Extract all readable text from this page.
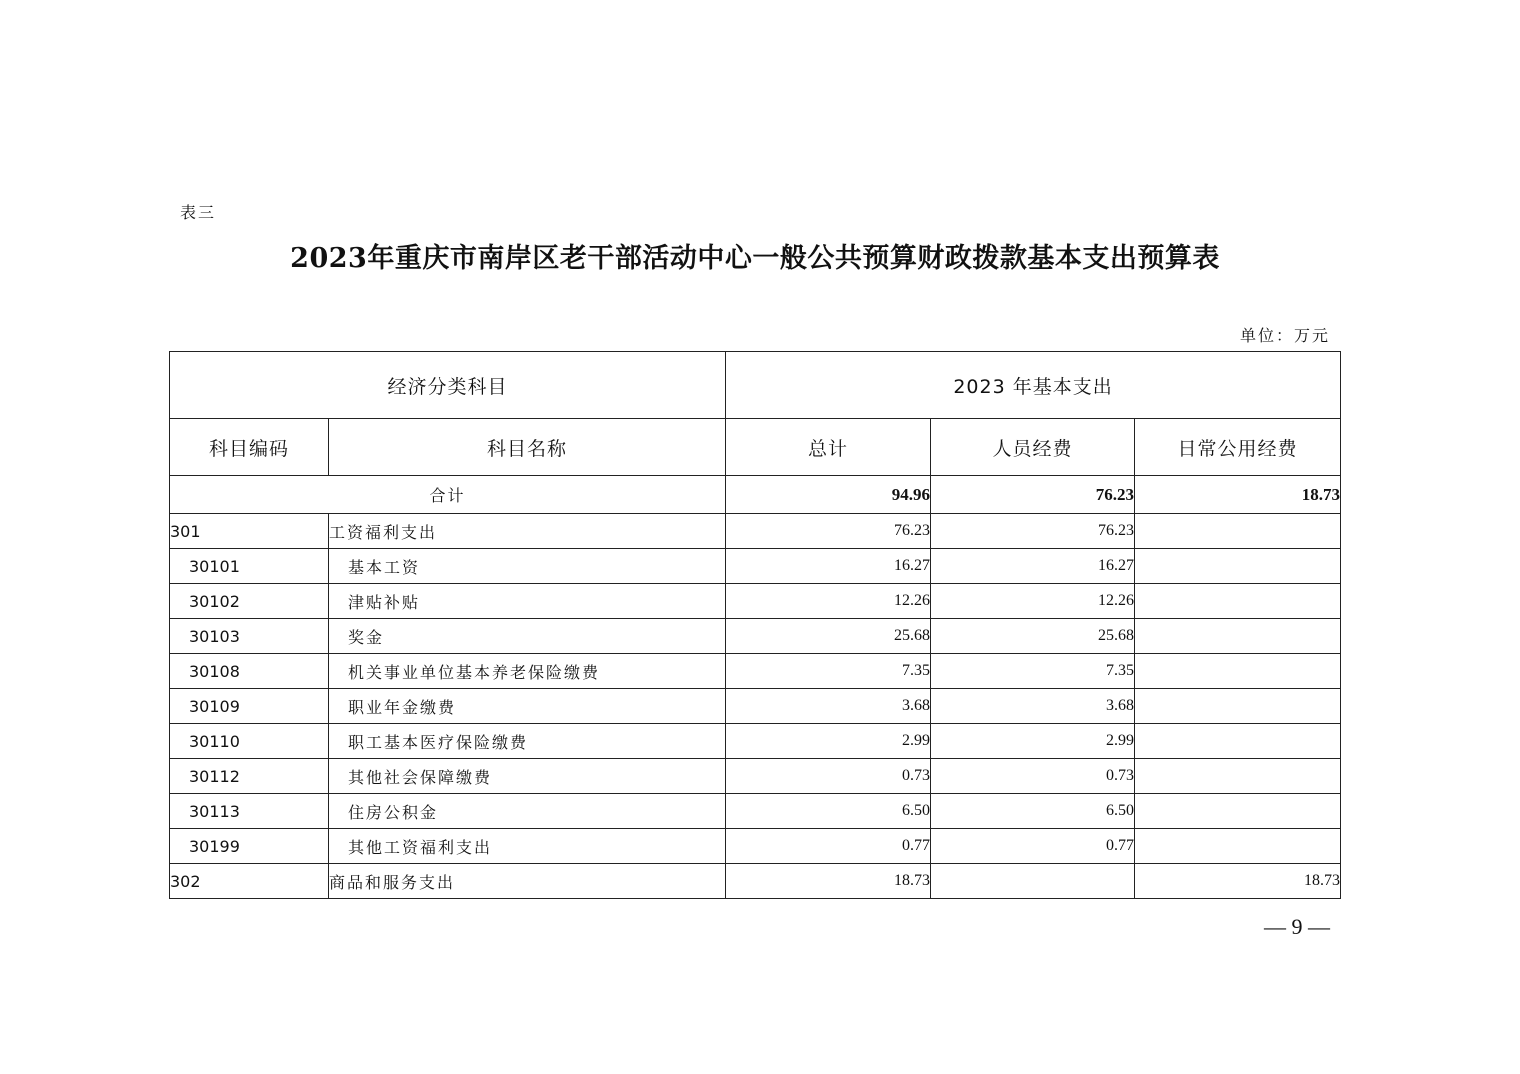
表三
2023年重庆市南岸区老干部活动中心一般公共预算财政拨款基本支出预算表
单位：万元
经济分类科目		2023 年基本支出		
科目编码	科目名称	总计	人员经费	日常公用经费
合计		94.96	76.23	18.73
301	工资福利支出	76.23	76.23	
30101	基本工资	16.27	16.27	
30102	津贴补贴	12.26	12.26	
30103	奖金	25.68	25.68	
30108	机关事业单位基本养老保险缴费	7.35	7.35	
30109	职业年金缴费	3.68	3.68	
30110	职工基本医疗保险缴费	2.99	2.99	
30112	其他社会保障缴费	0.73	0.73	
30113	住房公积金	6.50	6.50	
30199	其他工资福利支出	0.77	0.77	
302	商品和服务支出	18.73		18.73
— 9 —
